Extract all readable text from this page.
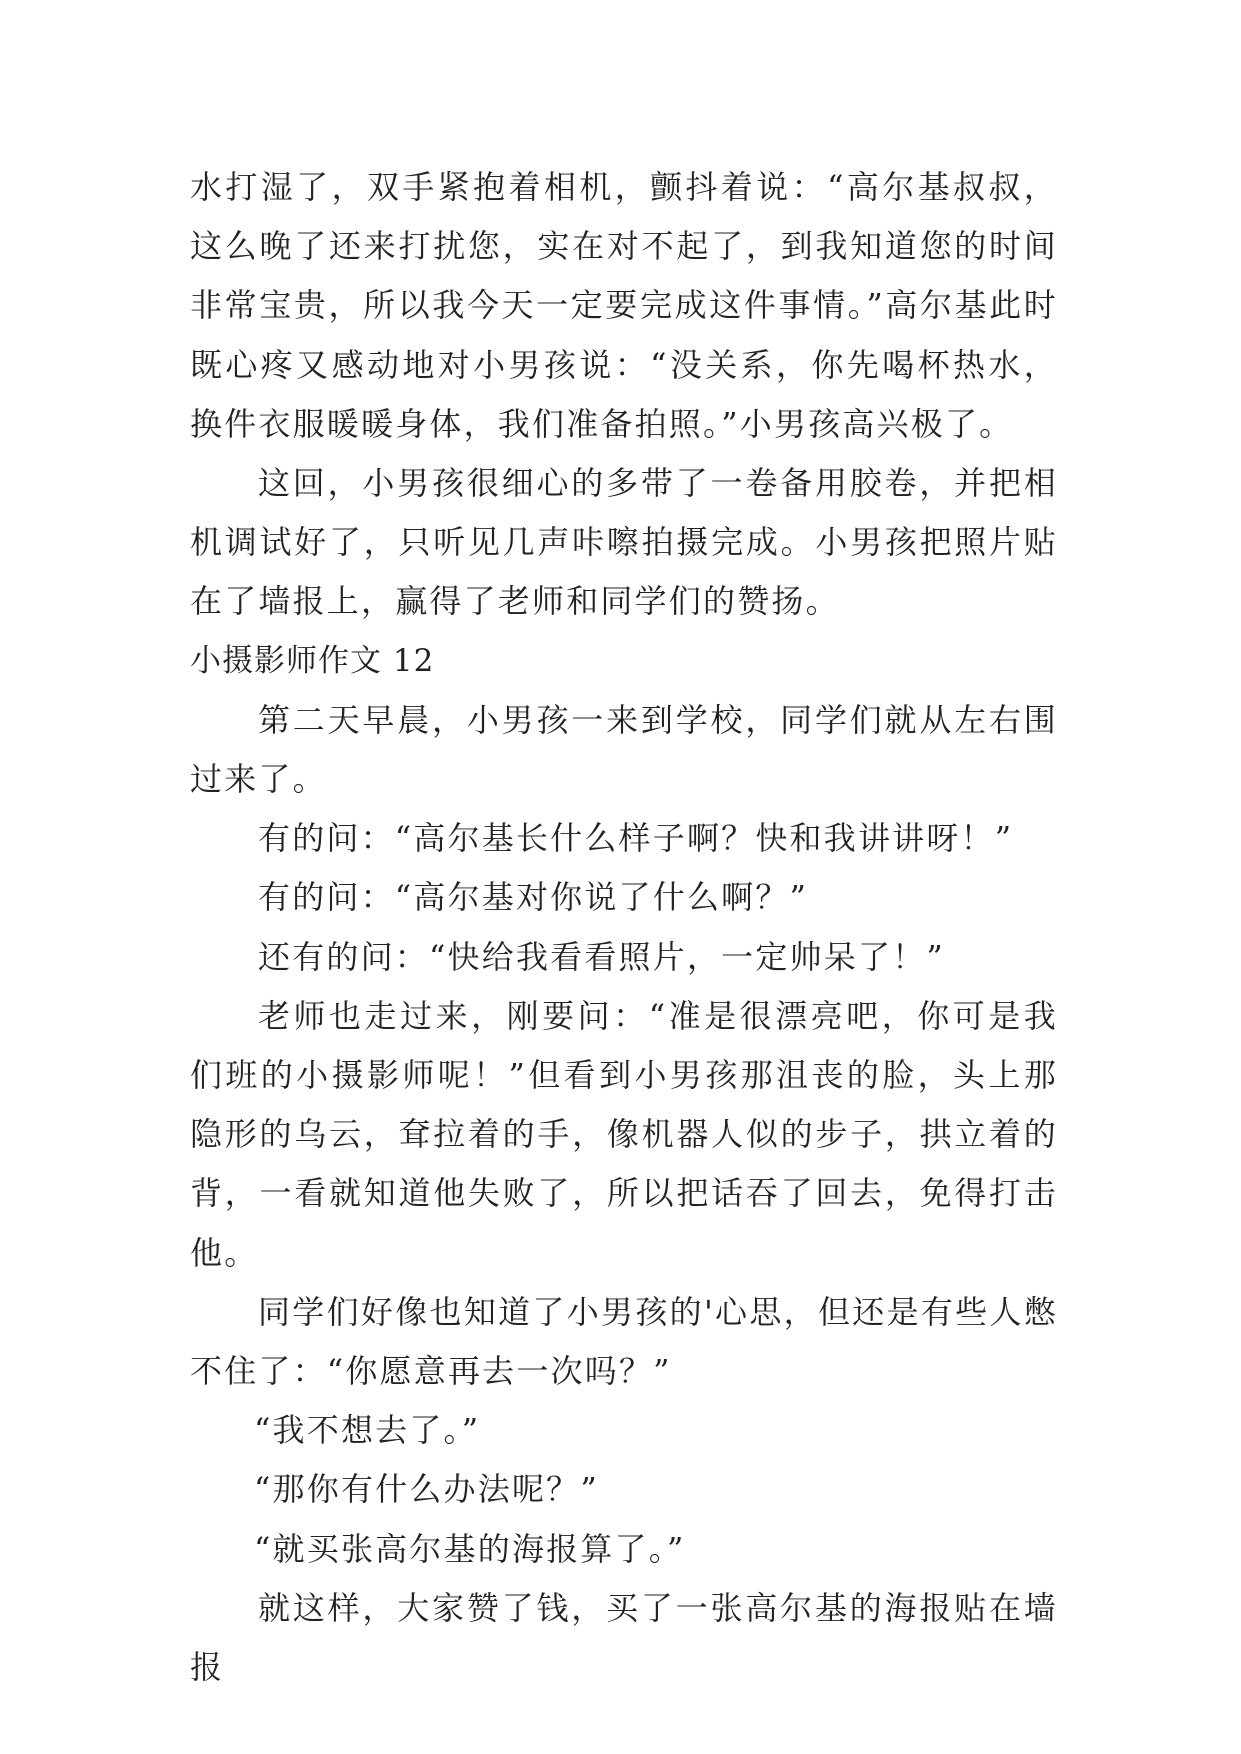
水打湿了，双手紧抱着相机，颤抖着说：“高尔基叔叔，这么晚了还来打扰您，实在对不起了，到我知道您的时间非常宝贵，所以我今天一定要完成这件事情。”高尔基此时既心疼又感动地对小男孩说：“没关系，你先喝杯热水，换件衣服暖暖身体，我们准备拍照。”小男孩高兴极了。

这回，小男孩很细心的多带了一卷备用胶卷，并把相机调试好了，只听见几声咔嚓拍摄完成。小男孩把照片贴在了墙报上，赢得了老师和同学们的赞扬。

小摄影师作文 12

第二天早晨，小男孩一来到学校，同学们就从左右围过来了。

有的问：“高尔基长什么样子啊？快和我讲讲呀！”

有的问：“高尔基对你说了什么啊？”

还有的问：“快给我看看照片，一定帅呆了！”

老师也走过来，刚要问：“准是很漂亮吧，你可是我们班的小摄影师呢！”但看到小男孩那沮丧的脸，头上那隐形的乌云，耷拉着的手，像机器人似的步子，拱立着的背，一看就知道他失败了，所以把话吞了回去，免得打击他。

同学们好像也知道了小男孩的'心思，但还是有些人憋不住了：“你愿意再去一次吗？”

“我不想去了。”

“那你有什么办法呢？”

“就买张高尔基的海报算了。”

就这样，大家赞了钱，买了一张高尔基的海报贴在墙报
